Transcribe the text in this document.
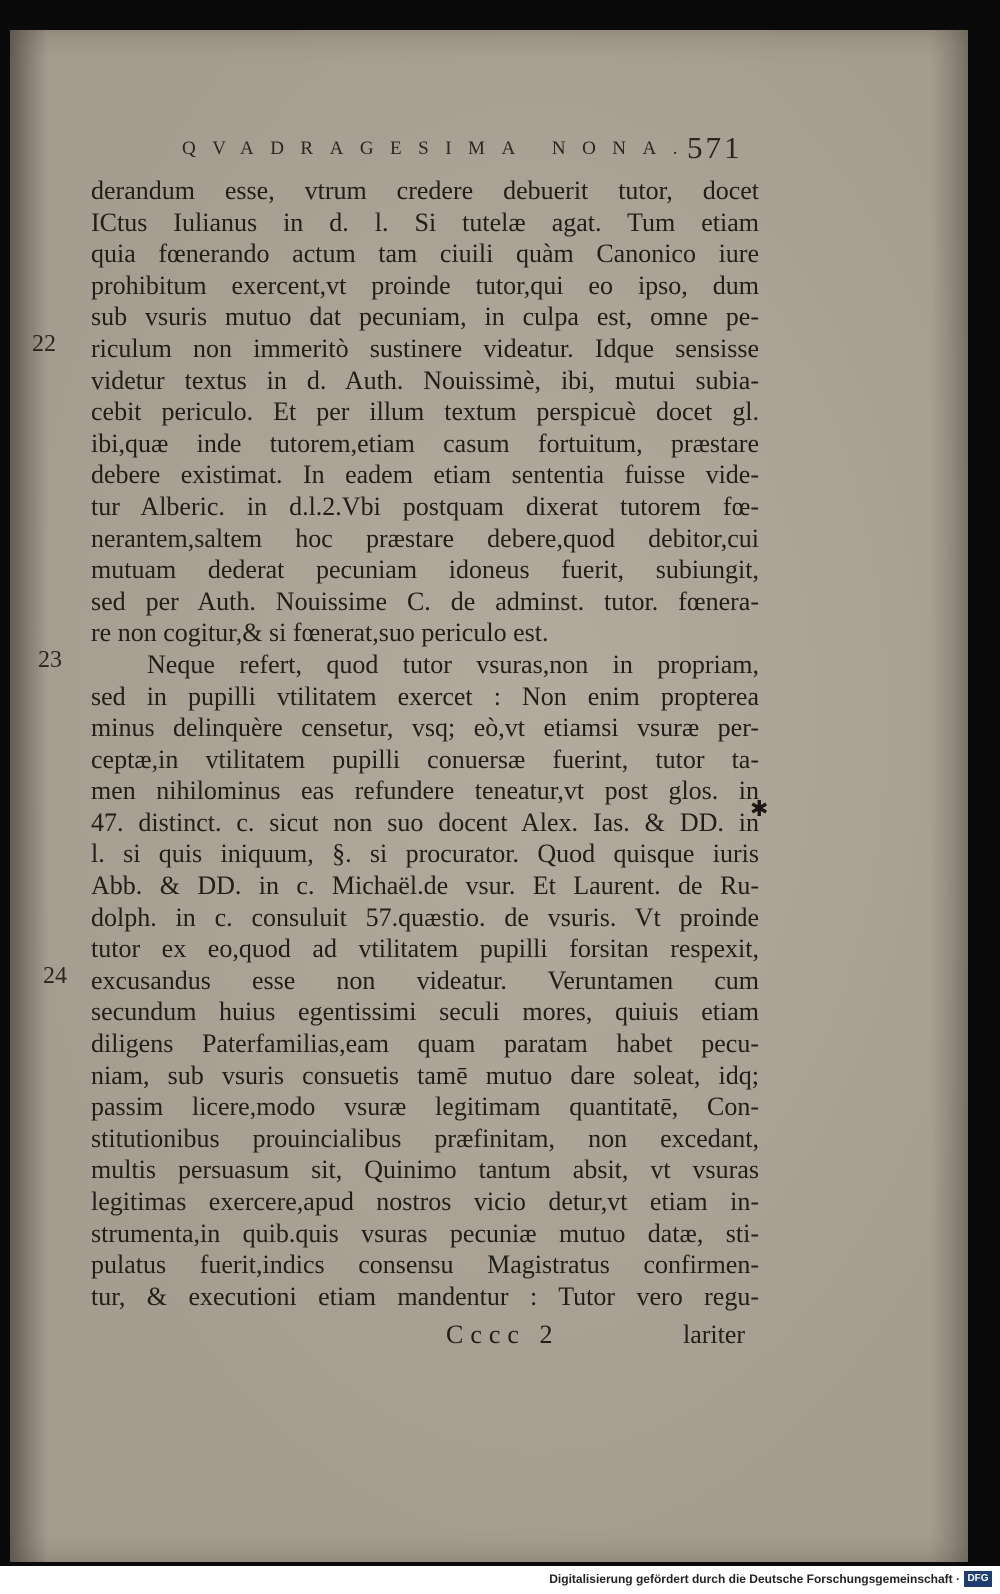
QVADRAGESIMA NONA.
571
22
23
24
derandum esse, vtrum credere debuerit tutor, docet
ICtus Iulianus in d. l. Si tutelæ agat. Tum etiam
quia fœnerando actum tam ciuili quàm Canonico iure
prohibitum exercent,vt proinde tutor,qui eo ipso, dum
sub vsuris mutuo dat pecuniam, in culpa est, omne pe-
riculum non immeritò sustinere videatur. Idque sensisse
videtur textus in d. Auth. Nouissimè, ibi, mutui subia-
cebit periculo. Et per illum textum perspicuè docet gl.
ibi,quæ inde tutorem,etiam casum fortuitum, præstare
debere existimat. In eadem etiam sententia fuisse vide-
tur Alberic. in d.l.2.Vbi postquam dixerat tutorem fœ-
nerantem,saltem hoc præstare debere,quod debitor,cui
mutuam dederat pecuniam idoneus fuerit, subiungit,
sed per Auth. Nouissime C. de adminst. tutor. fœnera-
re non cogitur,& si fœnerat,suo periculo est.
Neque refert, quod tutor vsuras,non in propriam,
sed in pupilli vtilitatem exercet : Non enim propterea
minus delinquère censetur, vsq; eò,vt etiamsi vsuræ per-
ceptæ,in vtilitatem pupilli conuersæ fuerint, tutor ta-
men nihilominus eas refundere teneatur,vt post glos. in
47. distinct. c. sicut non suo docent Alex. Ias. & DD. in
l. si quis iniquum, §. si procurator. Quod quisque iuris
Abb. & DD. in c. Michaël.de vsur. Et Laurent. de Ru-
dolph. in c. consuluit 57.quæstio. de vsuris. Vt proinde
tutor ex eo,quod ad vtilitatem pupilli forsitan respexit,
excusandus esse non videatur. Veruntamen cum
secundum huius egentissimi seculi mores, quiuis etiam
diligens Paterfamilias,eam quam paratam habet pecu-
niam, sub vsuris consuetis tamē mutuo dare soleat, idq;
passim licere,modo vsuræ legitimam quantitatē, Con-
stitutionibus prouincialibus præfinitam, non excedant,
multis persuasum sit, Quinimo tantum absit, vt vsuras
legitimas exercere,apud nostros vicio detur,vt etiam in-
strumenta,in quib.quis vsuras pecuniæ mutuo datæ, sti-
pulatus fuerit,indics consensu Magistratus confirmen-
tur, & executioni etiam mandentur : Tutor vero regu-
✱
Cccc 2	lariter
Digitalisierung gefördert durch die Deutsche Forschungsgemeinschaft · DFG
